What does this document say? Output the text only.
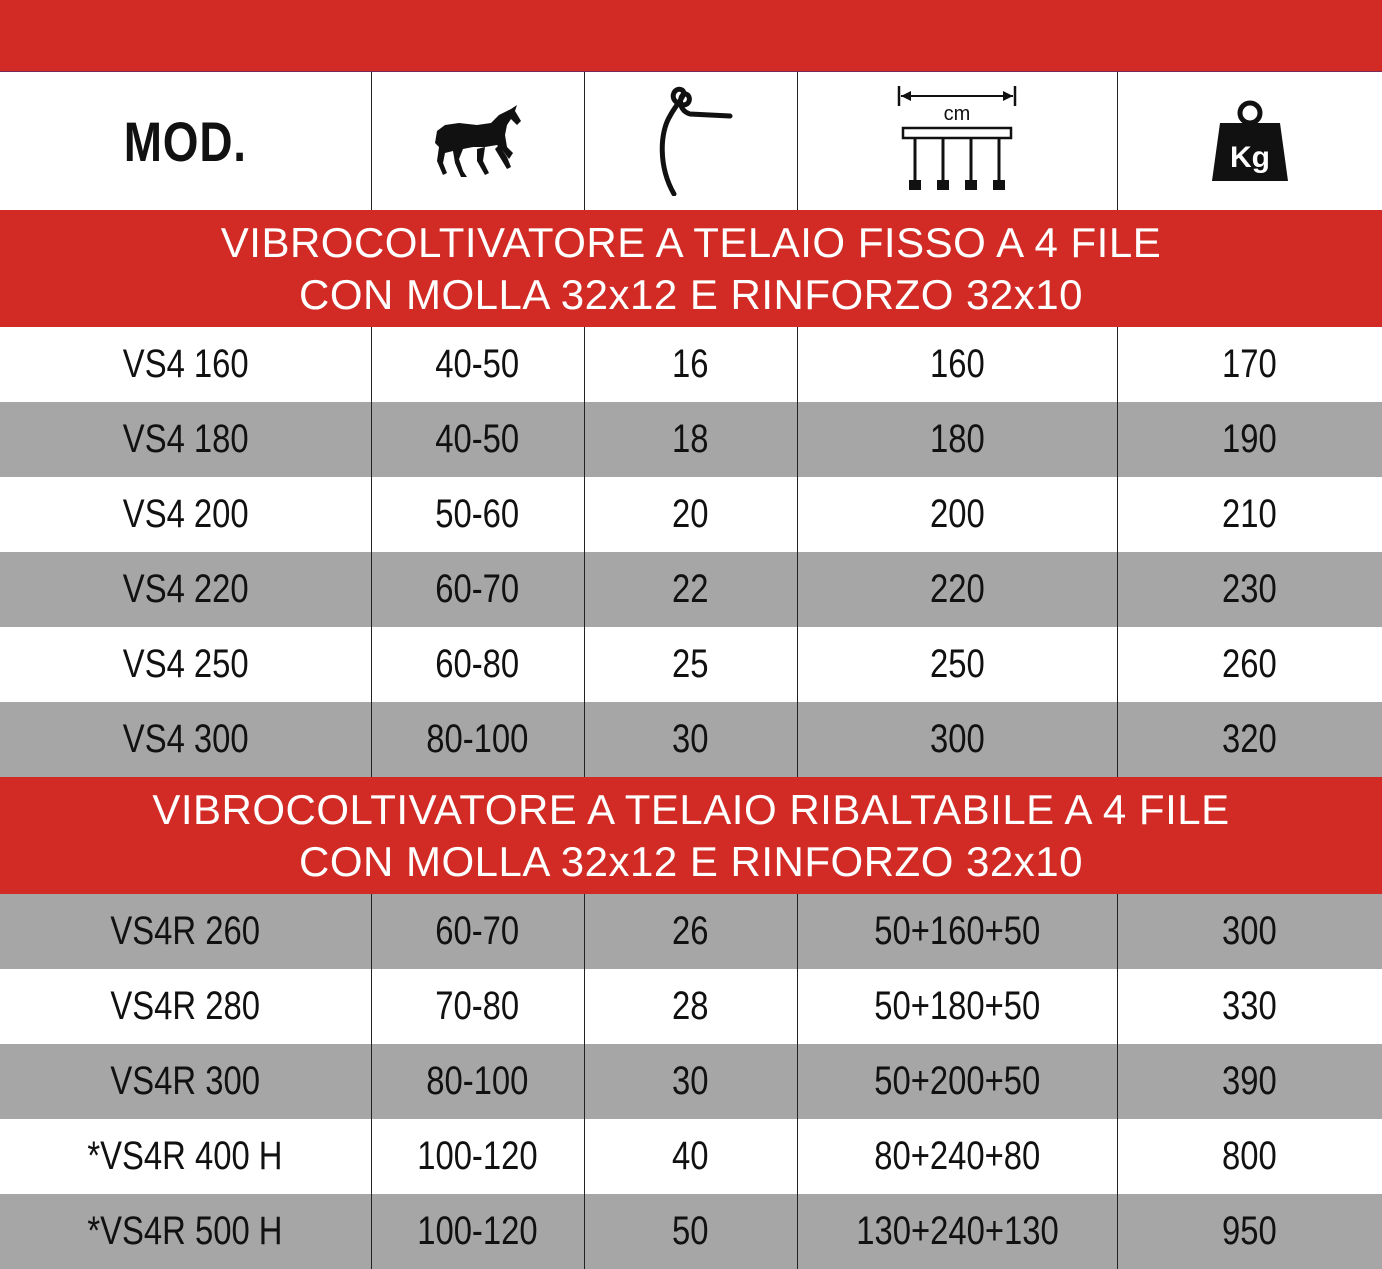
MOD.			cm	Kg

VIBROCOLTIVATORE A TELAIO FISSO A 4 FILE
CON MOLLA 32x12 E RINFORZO 32x10				

VS4 160	40-50	16	160	170
VS4 180	40-50	18	180	190
VS4 200	50-60	20	200	210
VS4 220	60-70	22	220	230
VS4 250	60-80	25	250	260
VS4 300	80-100	30	300	320

VIBROCOLTIVATORE A TELAIO RIBALTABILE A 4 FILE
CON MOLLA 32x12 E RINFORZO 32x10				

VS4R 260	60-70	26	50+160+50	300
VS4R 280	70-80	28	50+180+50	330
VS4R 300	80-100	30	50+200+50	390
*VS4R 400 H	100-120	40	80+240+80	800
*VS4R 500 H	100-120	50	130+240+130	950
